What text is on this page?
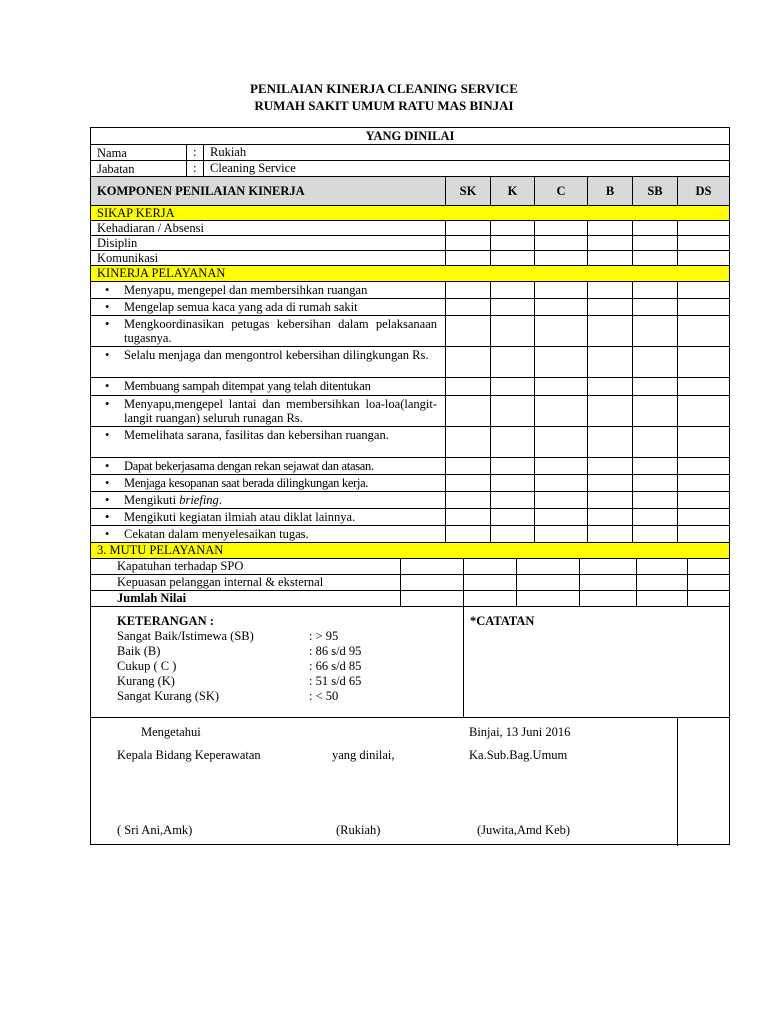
PENILAIAN KINERJA CLEANING SERVICE
RUMAH SAKIT UMUM RATU MAS BINJAI
YANG DINILAI
Nama	: Rukiah
Jabatan	: Cleaning Service
KOMPONEN PENILAIAN KINERJA	SK	K	C	B	SB	DS
SIKAP KERJA
Kehadiaran / Absensi
Disiplin
Komunikasi
KINERJA PELAYANAN
• Menyapu, mengepel dan membersihkan ruangan
• Mengelap semua kaca yang ada di rumah sakit
• Mengkoordinasikan petugas kebersihan dalam pelaksanaan tugasnya.
• Selalu menjaga dan mengontrol kebersihan dilingkungan Rs.
• Membuang sampah ditempat yang telah ditentukan
• Menyapu,mengepel lantai dan membersihkan loa-loa(langit-langit ruangan) seluruh runagan Rs.
• Memelihata sarana, fasilitas dan kebersihan ruangan.
• Dapat bekerjasama dengan rekan sejawat dan atasan.
• Menjaga kesopanan saat berada dilingkungan kerja.
• Mengikuti briefing.
• Mengikuti kegiatan ilmiah atau diklat lainnya.
• Cekatan dalam menyelesaikan tugas.
3. MUTU PELAYANAN
Kapatuhan terhadap SPO
Kepuasan pelanggan internal & eksternal
Jumlah Nilai
KETERANGAN :
Sangat Baik/Istimewa (SB)	: > 95
Baik (B)	: 86 s/d 95
Cukup ( C )	: 66 s/d 85
Kurang (K)	: 51 s/d 65
Sangat Kurang (SK)	: < 50
*CATATAN
Mengetahui
Kepala Bidang Keperawatan	yang dinilai,
( Sri Ani,Amk)	(Rukiah)	(Juwita,Amd Keb)
Binjai, 13 Juni 2016
Ka.Sub.Bag.Umum
